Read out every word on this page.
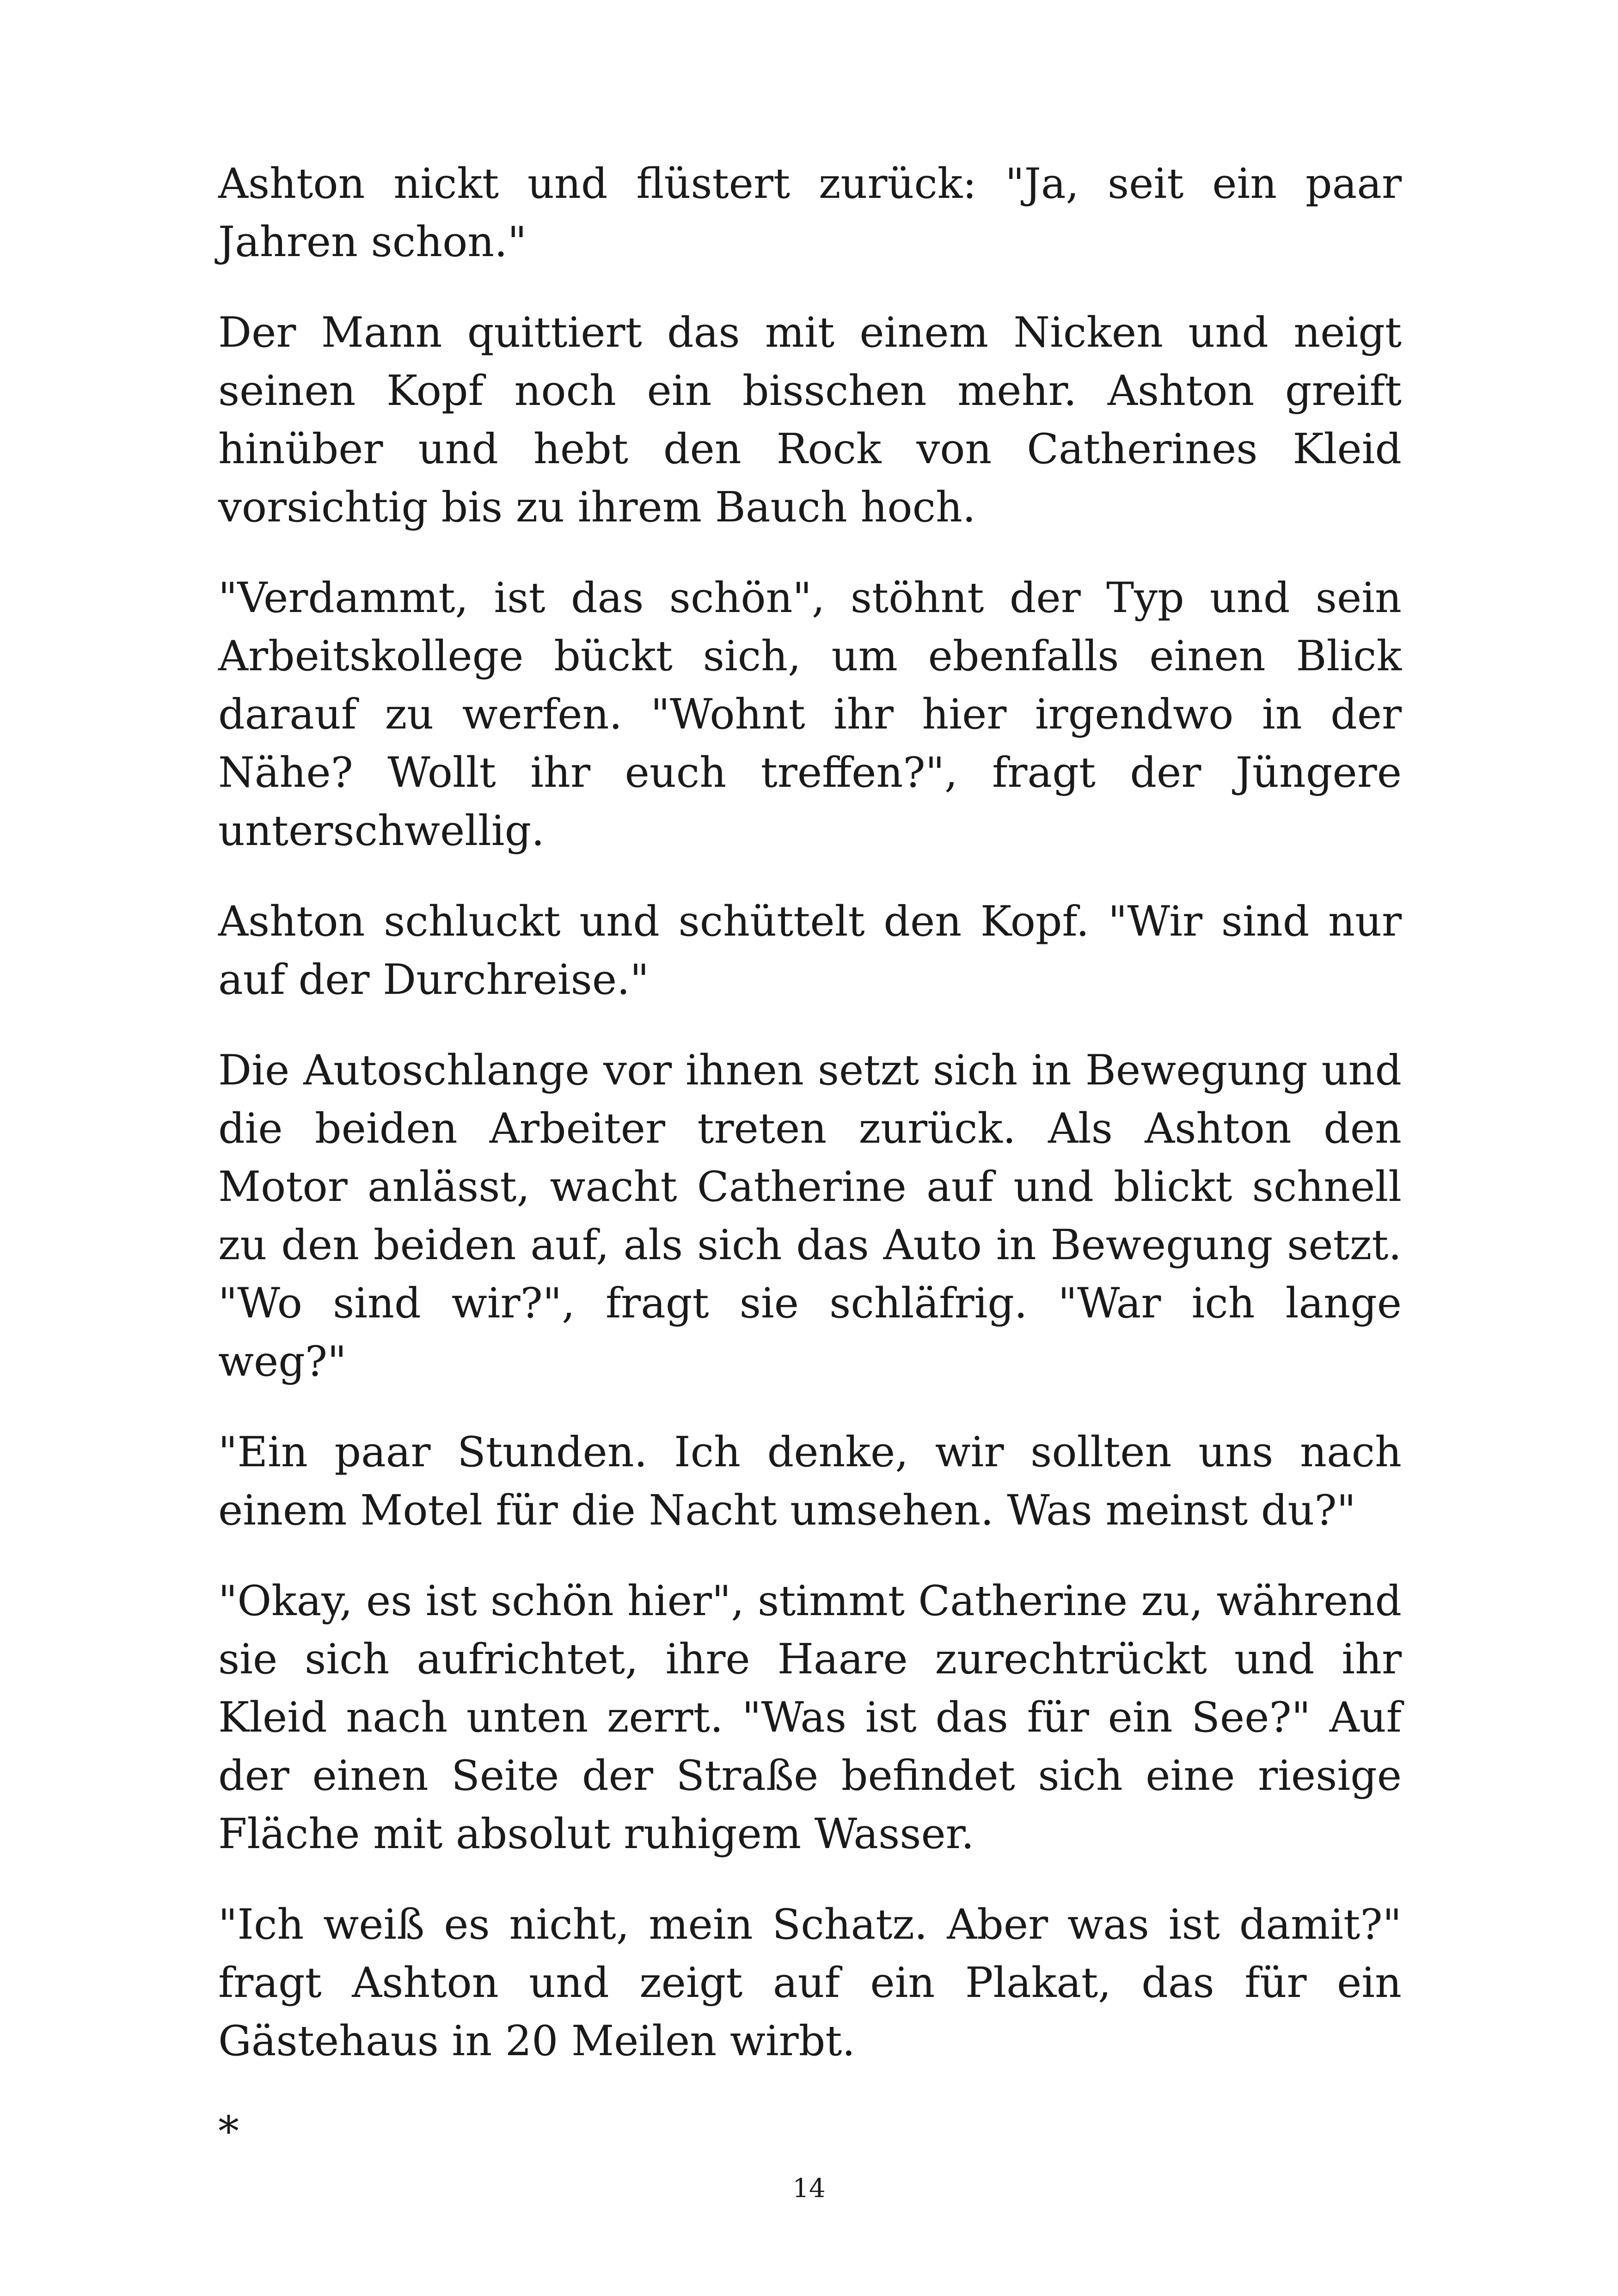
Ashton nickt und flüstert zurück: "Ja, seit ein paar Jahren schon."

Der Mann quittiert das mit einem Nicken und neigt seinen Kopf noch ein bisschen mehr. Ashton greift hinüber und hebt den Rock von Catherines Kleid vorsichtig bis zu ihrem Bauch hoch.

"Verdammt, ist das schön", stöhnt der Typ und sein Arbeitskollege bückt sich, um ebenfalls einen Blick darauf zu werfen. "Wohnt ihr hier irgendwo in der Nähe? Wollt ihr euch treffen?", fragt der Jüngere unterschwellig.

Ashton schluckt und schüttelt den Kopf. "Wir sind nur auf der Durchreise."

Die Autoschlange vor ihnen setzt sich in Bewegung und die beiden Arbeiter treten zurück. Als Ashton den Motor anlässt, wacht Catherine auf und blickt schnell zu den beiden auf, als sich das Auto in Bewegung setzt. "Wo sind wir?", fragt sie schläfrig. "War ich lange weg?"

"Ein paar Stunden. Ich denke, wir sollten uns nach einem Motel für die Nacht umsehen. Was meinst du?"

"Okay, es ist schön hier", stimmt Catherine zu, während sie sich aufrichtet, ihre Haare zurechtrückt und ihr Kleid nach unten zerrt. "Was ist das für ein See?" Auf der einen Seite der Straße befindet sich eine riesige Fläche mit absolut ruhigem Wasser.

"Ich weiß es nicht, mein Schatz. Aber was ist damit?" fragt Ashton und zeigt auf ein Plakat, das für ein Gästehaus in 20 Meilen wirbt.

*

14
